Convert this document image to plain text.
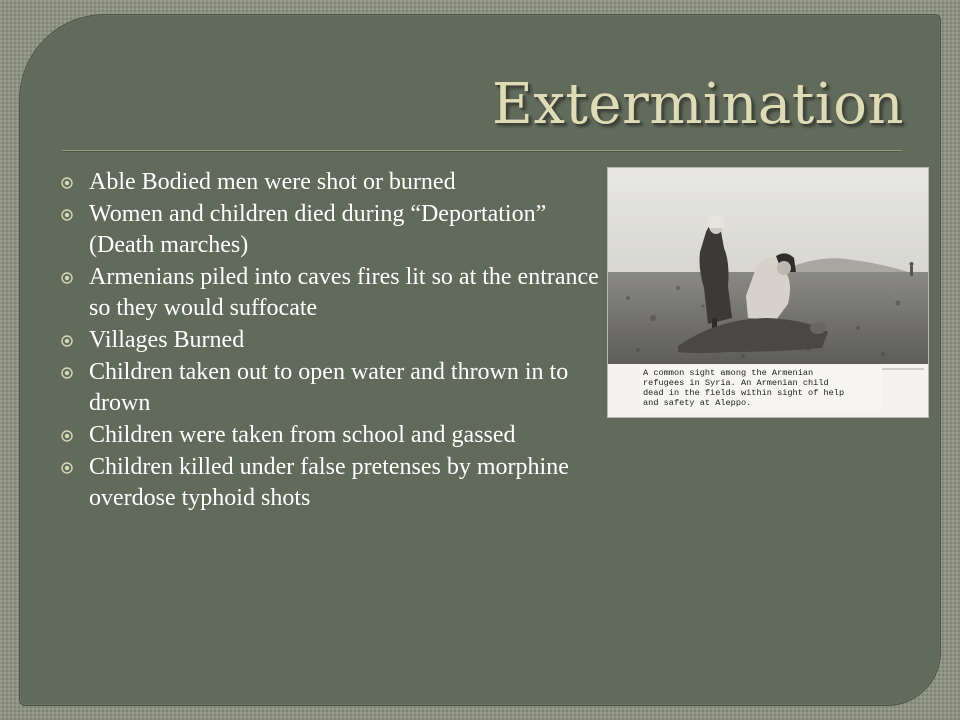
Extermination
Able Bodied men were shot or burned
Women and children died during “Deportation” (Death marches)
Armenians piled into caves fires lit so at the entrance so they would suffocate
Villages Burned
Children taken out to open water and thrown in to drown
Children were taken from school and gassed
Children killed under false pretenses by morphine overdose typhoid shots
A common sight among the Armenian
refugees in Syria. An Armenian child
dead in the fields within sight of help
and safety at Aleppo.
